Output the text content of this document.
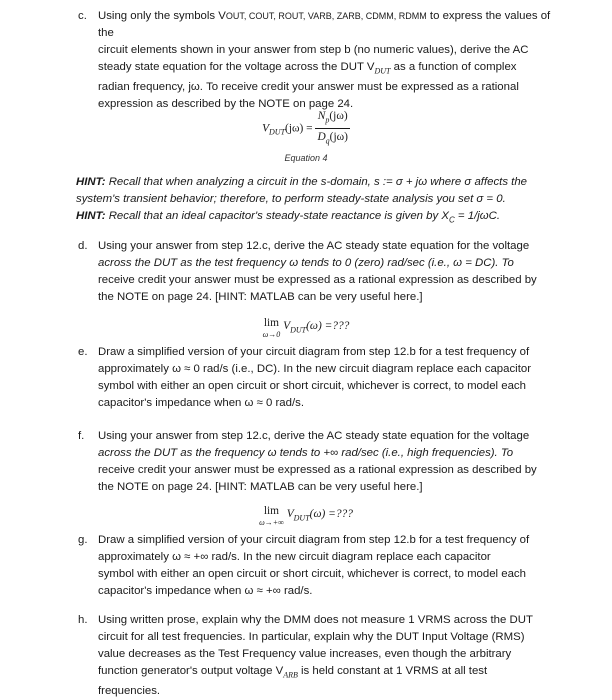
c. Using only the symbols VOUT, COUT, ROUT, VARB, ZARB, CDMM, RDMM to express the values of the
circuit elements shown in your answer from step b (no numeric values), derive the AC
steady state equation for the voltage across the DUT $V_{DUT}$ as a function of complex
radian frequency, jω. To receive credit your answer must be expressed as a rational
expression as described by the NOTE on page 24.
$V_{DUT}(j\omega) = \frac{N_p(j\omega)}{D_q(j\omega)}$
Equation 4
HINT: Recall that when analyzing a circuit in the s-domain, s := σ + jω where σ affects the
system's transient behavior; therefore, to perform steady-state analysis you set σ = 0.
HINT: Recall that an ideal capacitor's steady-state reactance is given by $X_C = 1/j\omega C$.
d. Using your answer from step 12.c, derive the AC steady state equation for the voltage
across the DUT as the test frequency ω tends to 0 (zero) rad/sec (i.e., ω = DC). To
receive credit your answer must be expressed as a rational expression as described by
the NOTE on page 24. [HINT: MATLAB can be very useful here.]
lim
ω→0
$V_{DUT}(\omega)$ =???
e. Draw a simplified version of your circuit diagram from step 12.b for a test frequency of
approximately ω ≈ 0 rad/s (i.e., DC). In the new circuit diagram replace each capacitor
symbol with either an open circuit or short circuit, whichever is correct, to model each
capacitor's impedance when ω ≈ 0 rad/s.
f. Using your answer from step 12.c, derive the AC steady state equation for the voltage
across the DUT as the frequency ω tends to +∞ rad/sec (i.e., high frequencies). To
receive credit your answer must be expressed as a rational expression as described by
the NOTE on page 24. [HINT: MATLAB can be very useful here.]
lim
ω→+∞
$V_{DUT}(\omega)$ =???
g. Draw a simplified version of your circuit diagram from step 12.b for a test frequency of
approximately ω ≈ +∞ rad/s. In the new circuit diagram replace each capacitor
symbol with either an open circuit or short circuit, whichever is correct, to model each
capacitor's impedance when ω ≈ +∞ rad/s.
h. Using written prose, explain why the DMM does not measure 1 VRMS across the DUT
circuit for all test frequencies. In particular, explain why the DUT Input Voltage (RMS)
value decreases as the Test Frequency value increases, even though the arbitrary
function generator's output voltage $V_{ARB}$ is held constant at 1 VRMS at all test
frequencies.
